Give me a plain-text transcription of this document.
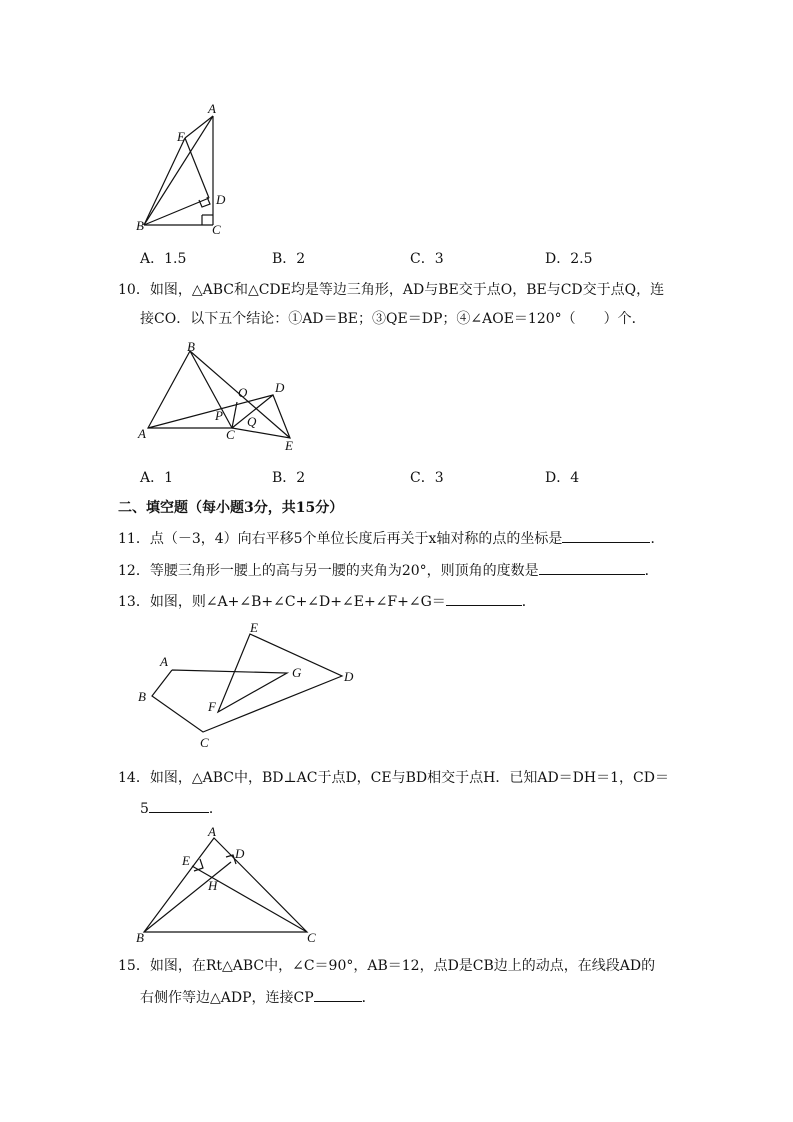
A
E
D
B	C
A．1.5	B．2	C．3	D．2.5
10．如图，△ABC和△CDE均是等边三角形，AD与BE交于点O，BE与CD交于点Q，连
接CO．以下五个结论：①AD＝BE；③QE＝DP；④∠AOE＝120°（　　）个．
B
O D
P Q
A	C
E
A．1	B．2	C．3	D．4
二、填空题（每小题3分，共15分）
11．点（－3，4）向右平移5个单位长度后再关于x轴对称的点的坐标是	．
12．等腰三角形一腰上的高与另一腰的夹角为20°，则顶角的度数是	．
13．如图，则∠A+∠B+∠C+∠D+∠E+∠F+∠G＝	．
E
A
G	D
B
F
C
14．如图，△ABC中，BD⊥AC于点D，CE与BD相交于点H．已知AD＝DH＝1，CD＝
5	．
A
E	D
H
B	C
15．如图，在Rt△ABC中，∠C＝90°，AB＝12，点D是CB边上的动点，在线段AD的
右侧作等边△ADP，连接CP	．
